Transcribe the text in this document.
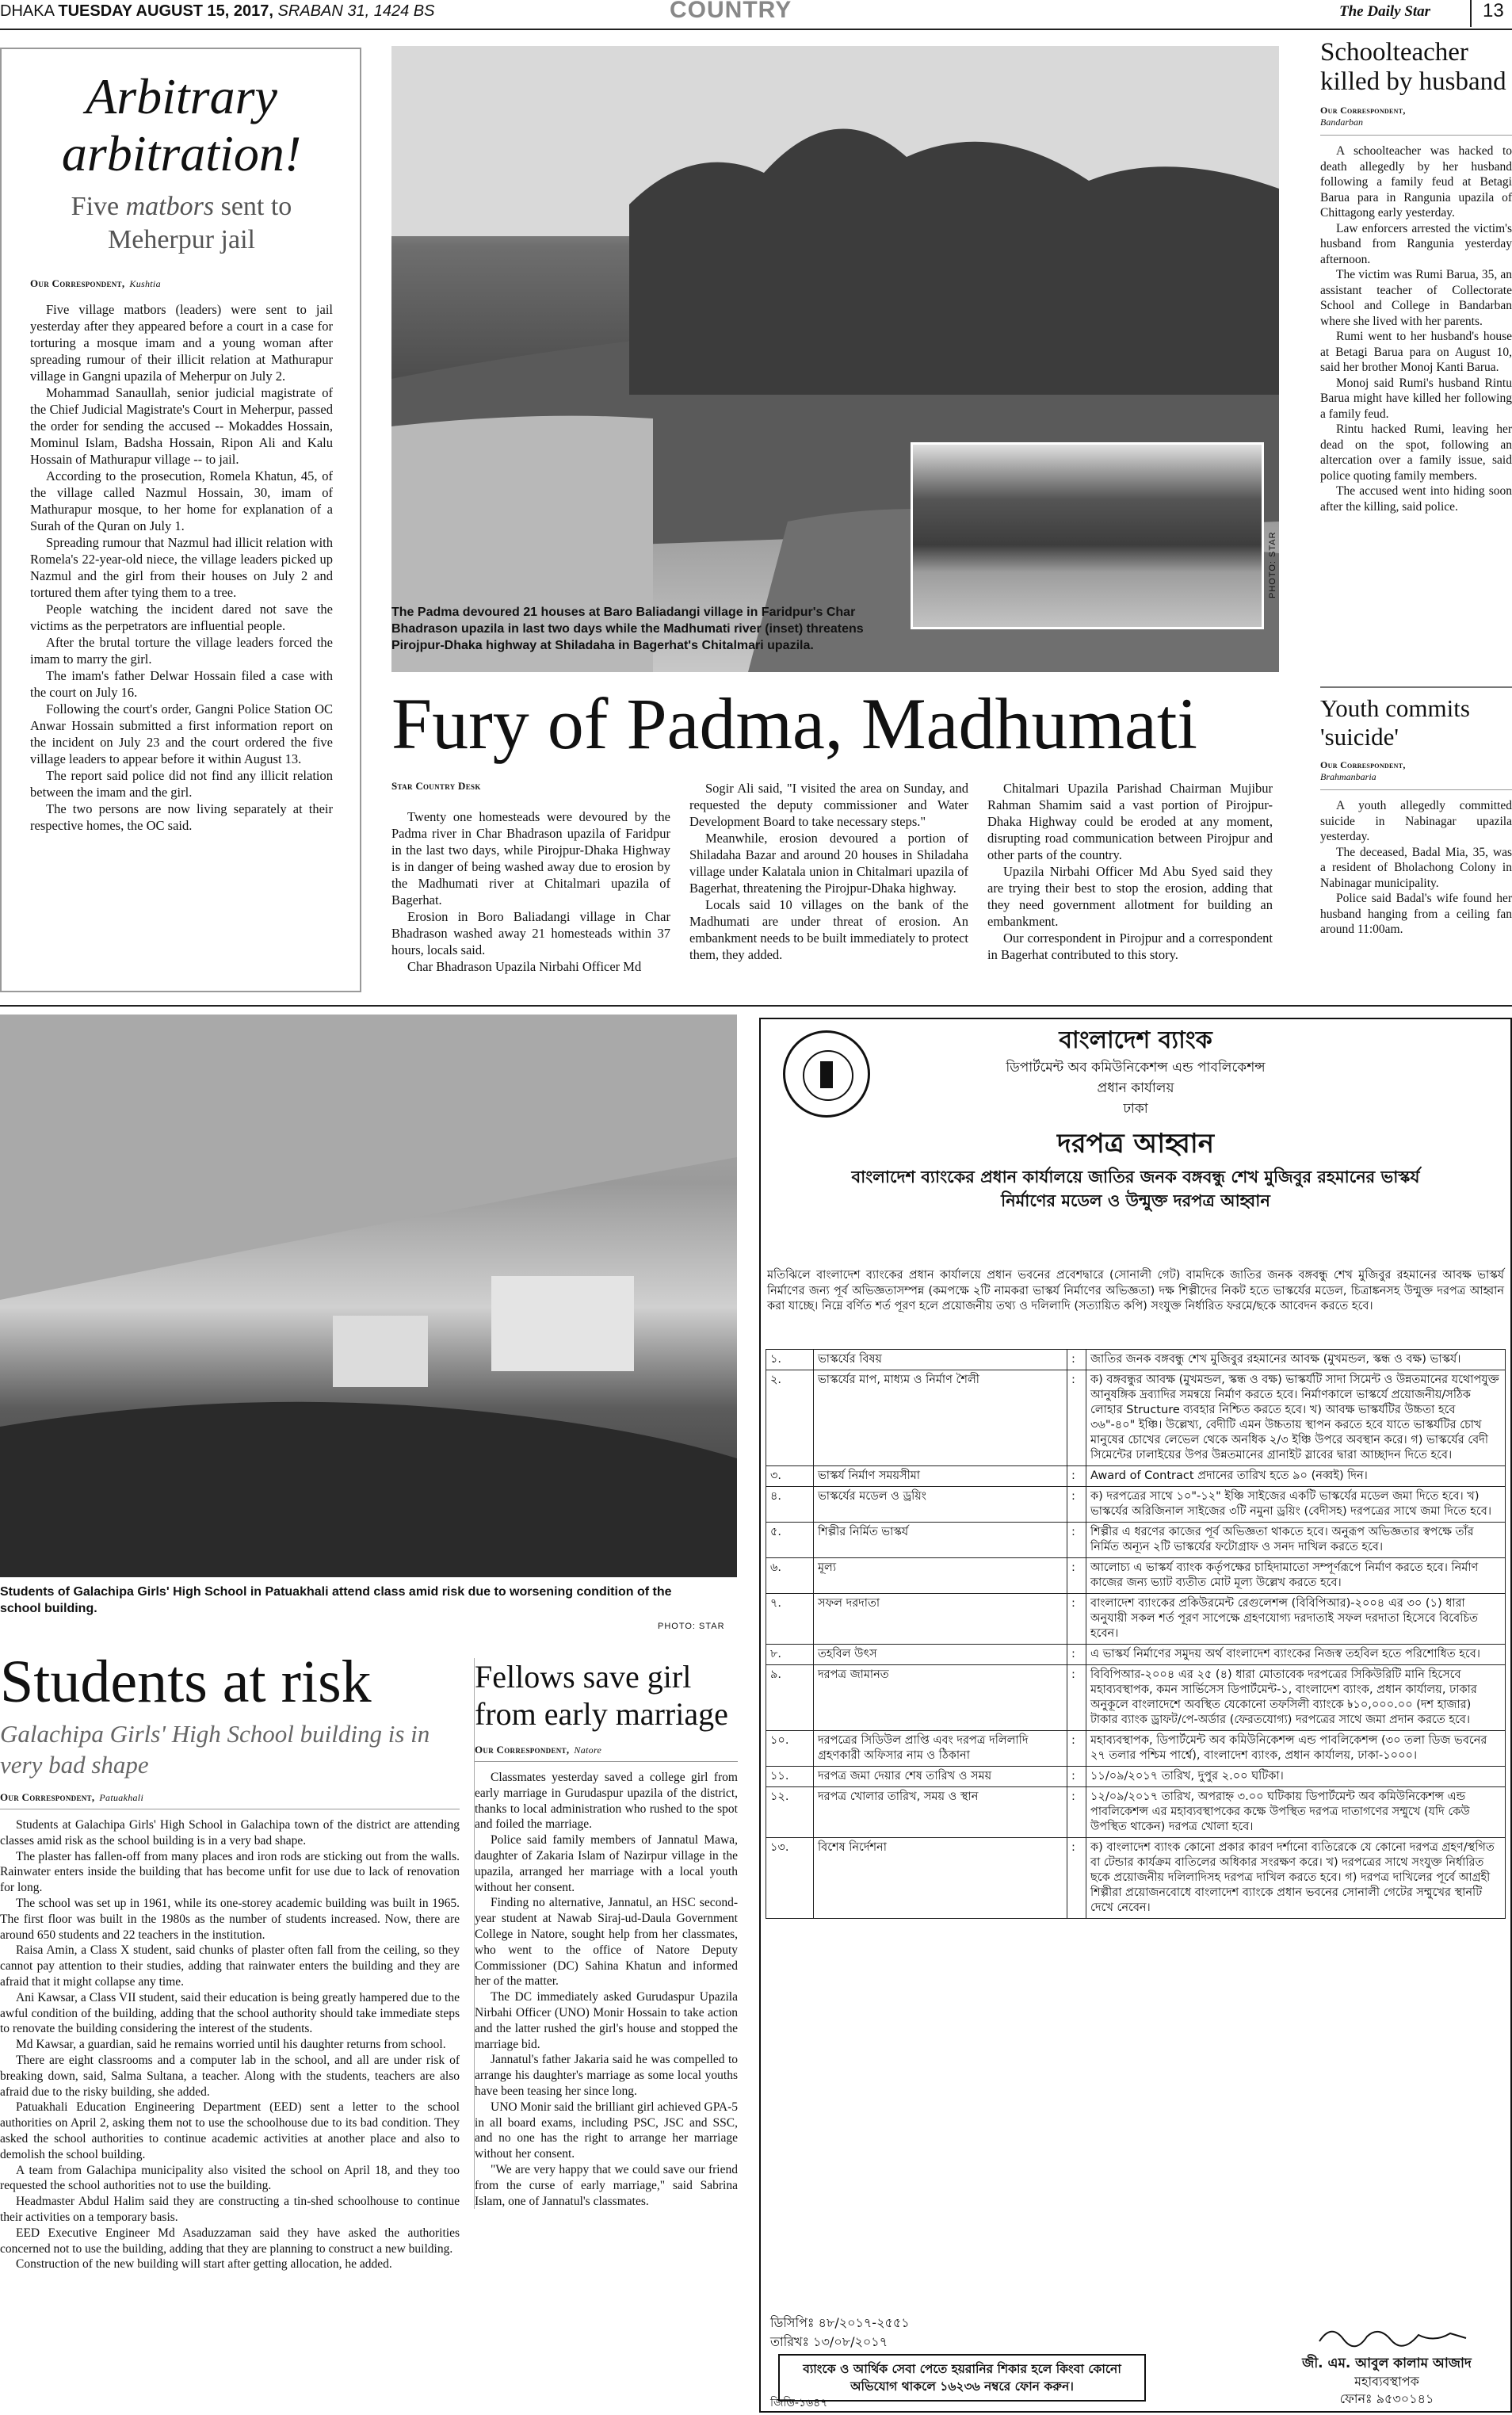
DHAKA TUESDAY AUGUST 15, 2017, SRABAN 31, 1424 BS	COUNTRY	The Daily Star	13
Arbitrary arbitration!
Five matbors sent to Meherpur jail

Our Correspondent, Kushtia

Five village matbors (leaders) were sent to jail yesterday after they appeared before a court in a case for torturing a mosque imam and a young woman after spreading rumour of their illicit relation at Mathurapur village in Gangni upazila of Meherpur on July 2.

Mohammad Sanaullah, senior judicial magistrate of the Chief Judicial Magistrate's Court in Meherpur, passed the order for sending the accused -- Mokaddes Hossain, Mominul Islam, Badsha Hossain, Ripon Ali and Kalu Hossain of Mathurapur village -- to jail.

According to the prosecution, Romela Khatun, 45, of the village called Nazmul Hossain, 30, imam of Mathurapur mosque, to her home for explanation of a Surah of the Quran on July 1.

Spreading rumour that Nazmul had illicit relation with Romela's 22-year-old niece, the village leaders picked up Nazmul and the girl from their houses on July 2 and tortured them after tying them to a tree.

People watching the incident dared not save the victims as the perpetrators are influential people.

After the brutal torture the village leaders forced the imam to marry the girl.

The imam's father Delwar Hossain filed a case with the court on July 16.

Following the court's order, Gangni Police Station OC Anwar Hossain submitted a first information report on the incident on July 23 and the court ordered the five village leaders to appear before it within August 13.

The report said police did not find any illicit relation between the imam and the girl.

The two persons are now living separately at their respective homes, the OC said.

The Padma devoured 21 houses at Baro Baliadangi village in Faridpur's Char Bhadrason upazila in last two days while the Madhumati river (inset) threatens Pirojpur-Dhaka highway at Shiladaha in Bagerhat's Chitalmari upazila.
PHOTO: STAR
Fury of Padma, Madhumati

Star Country Desk

Twenty one homesteads were devoured by the Padma river in Char Bhadrason upazila of Faridpur in the last two days, while Pirojpur-Dhaka Highway is in danger of being washed away due to erosion by the Madhumati river at Chitalmari upazila of Bagerhat.

Erosion in Boro Baliadangi village in Char Bhadrason washed away 21 homesteads within 37 hours, locals said.

Char Bhadrason Upazila Nirbahi Officer Md

Sogir Ali said, "I visited the area on Sunday, and requested the deputy commissioner and Water Development Board to take necessary steps."

Meanwhile, erosion devoured a portion of Shiladaha Bazar and around 20 houses in Shiladaha village under Kalatala union in Chitalmari upazila of Bagerhat, threatening the Pirojpur-Dhaka highway.

Locals said 10 villages on the bank of the Madhumati are under threat of erosion. An embankment needs to be built immediately to protect them, they added.

Chitalmari Upazila Parishad Chairman Mujibur Rahman Shamim said a vast portion of Pirojpur-Dhaka Highway could be eroded at any moment, disrupting road communication between Pirojpur and other parts of the country.

Upazila Nirbahi Officer Md Abu Syed said they are trying their best to stop the erosion, adding that they need government allotment for building an embankment.

Our correspondent in Pirojpur and a correspondent in Bagerhat contributed to this story.

Schoolteacher killed by husband

Our Correspondent,

Bandarban

A schoolteacher was hacked to death allegedly by her husband following a family feud at Betagi Barua para in Rangunia upazila of Chittagong early yesterday.

Law enforcers arrested the victim's husband from Rangunia yesterday afternoon.

The victim was Rumi Barua, 35, an assistant teacher of Collectorate School and College in Bandarban where she lived with her parents.

Rumi went to her husband's house at Betagi Barua para on August 10, said her brother Monoj Kanti Barua.

Monoj said Rumi's husband Rintu Barua might have killed her following a family feud.

Rintu hacked Rumi, leaving her dead on the spot, following an altercation over a family issue, said police quoting family members.

The accused went into hiding soon after the killing, said police.

Youth commits 'suicide'

Our Correspondent,

Brahmanbaria

A youth allegedly committed suicide in Nabinagar upazila yesterday.

The deceased, Badal Mia, 35, was a resident of Bholachong Colony in Nabinagar municipality.

Police said Badal's wife found her husband hanging from a ceiling fan around 11:00am.

Students of Galachipa Girls' High School in Patuakhali attend class amid risk due to worsening condition of the school building.
PHOTO: STAR
Students at risk
Galachipa Girls' High School building is in very bad shape

Our Correspondent, Patuakhali

Students at Galachipa Girls' High School in Galachipa town of the district are attending classes amid risk as the school building is in a very bad shape.

The plaster has fallen-off from many places and iron rods are sticking out from the walls. Rainwater enters inside the building that has become unfit for use due to lack of renovation for long.

The school was set up in 1961, while its one-storey academic building was built in 1965. The first floor was built in the 1980s as the number of students increased. Now, there are around 650 students and 22 teachers in the institution.

Raisa Amin, a Class X student, said chunks of plaster often fall from the ceiling, so they cannot pay attention to their studies, adding that rainwater enters the building and they are afraid that it might collapse any time.

Ani Kawsar, a Class VII student, said their education is being greatly hampered due to the awful condition of the building, adding that the school authority should take immediate steps to renovate the building considering the interest of the students.

Md Kawsar, a guardian, said he remains worried until his daughter returns from school.

There are eight classrooms and a computer lab in the school, and all are under risk of breaking down, said, Salma Sultana, a teacher. Along with the students, teachers are also afraid due to the risky building, she added.

Patuakhali Education Engineering Department (EED) sent a letter to the school authorities on April 2, asking them not to use the schoolhouse due to its bad condition. They asked the school authorities to continue academic activities at another place and also to demolish the school building.

A team from Galachipa municipality also visited the school on April 18, and they too requested the school authorities not to use the building.

Headmaster Abdul Halim said they are constructing a tin-shed schoolhouse to continue their activities on a temporary basis.

EED Executive Engineer Md Asaduzzaman said they have asked the authorities concerned not to use the building, adding that they are planning to construct a new building.

Construction of the new building will start after getting allocation, he added.

Fellows save girl from early marriage

Our Correspondent, Natore

Classmates yesterday saved a college girl from early marriage in Gurudaspur upazila of the district, thanks to local administration who rushed to the spot and foiled the marriage.

Police said family members of Jannatul Mawa, daughter of Zakaria Islam of Nazirpur village in the upazila, arranged her marriage with a local youth without her consent.

Finding no alternative, Jannatul, an HSC second-year student at Nawab Siraj-ud-Daula Government College in Natore, sought help from her classmates, who went to the office of Natore Deputy Commissioner (DC) Sahina Khatun and informed her of the matter.

The DC immediately asked Gurudaspur Upazila Nirbahi Officer (UNO) Monir Hossain to take action and the latter rushed the girl's house and stopped the marriage bid.

Jannatul's father Jakaria said he was compelled to arrange his daughter's marriage as some local youths have been teasing her since long.

UNO Monir said the brilliant girl achieved GPA-5 in all board exams, including PSC, JSC and SSC, and no one has the right to arrange her marriage without her consent.

"We are very happy that we could save our friend from the curse of early marriage," said Sabrina Islam, one of Jannatul's classmates.

বাংলাদেশ ব্যাংক
ডিপার্টমেন্ট অব কমিউনিকেশন্স এন্ড পাবলিকেশন্স
প্রধান কার্যালয়
ঢাকা
দরপত্র আহ্বান
বাংলাদেশ ব্যাংকের প্রধান কার্যালয়ে জাতির জনক বঙ্গবন্ধু শেখ মুজিবুর রহমানের ভাস্কর্য নির্মাণের মডেল ও উন্মুক্ত দরপত্র আহ্বান
মতিঝিলে বাংলাদেশ ব্যাংকের প্রধান কার্যালয়ে প্রধান ভবনের প্রবেশদ্বারে (সোনালী গেট) বামদিকে জাতির জনক বঙ্গবন্ধু শেখ মুজিবুর রহমানের আবক্ষ ভাস্কর্য নির্মাণের জন্য পূর্ব অভিজ্ঞতাসম্পন্ন (কমপক্ষে ২টি নামকরা ভাস্কর্য নির্মাণের অভিজ্ঞতা) দক্ষ শিল্পীদের নিকট হতে ভাস্কর্যের মডেল, চিত্রাঙ্কনসহ উন্মুক্ত দরপত্র আহ্বান করা যাচ্ছে। নিম্নে বর্ণিত শর্ত পূরণ হলে প্রয়োজনীয় তথ্য ও দলিলাদি (সত্যায়িত কপি) সংযুক্ত নির্ধারিত ফরমে/ছকে আবেদন করতে হবে।
১.	ভাস্কর্যের বিষয়	:	জাতির জনক বঙ্গবন্ধু শেখ মুজিবুর রহমানের আবক্ষ (মুখমন্ডল, স্কন্ধ ও বক্ষ) ভাস্কর্য।
২.	ভাস্কর্যের মাপ, মাধ্যম ও নির্মাণ শৈলী	:	ক) বঙ্গবন্ধুর আবক্ষ (মুখমন্ডল, স্কন্ধ ও বক্ষ) ভাস্কর্যটি সাদা সিমেন্ট ও উন্নতমানের যথোপযুক্ত আনুষঙ্গিক দ্রব্যাদির সমন্বয়ে নির্মাণ করতে হবে। নির্মাণকালে ভাস্কর্যে প্রয়োজনীয়/সঠিক লোহার Structure ব্যবহার নিশ্চিত করতে হবে। খ) আবক্ষ ভাস্কর্যটির উচ্চতা হবে ৩৬"-৪০" ইঞ্চি। উল্লেখ্য, বেদীটি এমন উচ্চতায় স্থাপন করতে হবে যাতে ভাস্কর্যটির চোখ মানুষের চোখের লেভেল থেকে অনধিক ২/৩ ইঞ্চি উপরে অবস্থান করে। গ) ভাস্কর্যের বেদী সিমেন্টের ঢালাইয়ের উপর উন্নতমানের গ্রানাইট স্লাবের দ্বারা আচ্ছাদন দিতে হবে।
৩.	ভাস্কর্য নির্মাণ সময়সীমা	:	Award of Contract প্রদানের তারিখ হতে ৯০ (নব্বই) দিন।
৪.	ভাস্কর্যের মডেল ও ড্রয়িং	:	ক) দরপত্রের সাথে ১০"-১২" ইঞ্চি সাইজের একটি ভাস্কর্যের মডেল জমা দিতে হবে। খ) ভাস্কর্যের অরিজিনাল সাইজের ৩টি নমুনা ড্রয়িং (বেদীসহ) দরপত্রের সাথে জমা দিতে হবে।
৫.	শিল্পীর নির্মিত ভাস্কর্য	:	শিল্পীর এ ধরণের কাজের পূর্ব অভিজ্ঞতা থাকতে হবে। অনুরূপ অভিজ্ঞতার স্বপক্ষে তাঁর নির্মিত অন্যূন ২টি ভাস্কর্যের ফটোগ্রাফ ও সনদ দাখিল করতে হবে।
৬.	মূল্য	:	আলোচ্য এ ভাস্কর্য ব্যাংক কর্তৃপক্ষের চাহিদামাতো সম্পূর্ণরূপে নির্মাণ করতে হবে। নির্মাণ কাজের জন্য ভ্যাট ব্যতীত মোট মূল্য উল্লেখ করতে হবে।
৭.	সফল দরদাতা	:	বাংলাদেশ ব্যাংকের প্রকিউরমেন্ট রেগুলেশন্স (বিবিপিআর)-২০০৪ এর ৩০ (১) ধারা অনুযায়ী সকল শর্ত পূরণ সাপেক্ষে গ্রহণযোগ্য দরদাতাই সফল দরদাতা হিসেবে বিবেচিত হবেন।
৮.	তহবিল উৎস	:	এ ভাস্কর্য নির্মাণের সমুদয় অর্থ বাংলাদেশ ব্যাংকের নিজস্ব তহবিল হতে পরিশোধিত হবে।
৯.	দরপত্র জামানত	:	বিবিপিআর-২০০৪ এর ২৫ (৪) ধারা মোতাবেক দরপত্রের সিকিউরিটি মানি হিসেবে মহাব্যবস্থাপক, কমন সার্ভিসেস ডিপার্টমেন্ট-১, বাংলাদেশ ব্যাংক, প্রধান কার্যালয়, ঢাকার অনুকূলে বাংলাদেশে অবস্থিত যেকোনো তফসিলী ব্যাংকে ৳১০,০০০.০০ (দশ হাজার) টাকার ব্যাংক ড্রাফট/পে-অর্ডার (ফেরতযোগ্য) দরপত্রের সাথে জমা প্রদান করতে হবে।
১০.	দরপত্রের সিডিউল প্রাপ্তি এবং দরপত্র দলিলাদি গ্রহণকারী অফিসার নাম ও ঠিকানা	:	মহাব্যবস্থাপক, ডিপার্টমেন্ট অব কমিউনিকেশন্স এন্ড পাবলিকেশন্স (৩০ তলা ডিজ ভবনের ২৭ তলার পশ্চিম পার্শ্বে), বাংলাদেশ ব্যাংক, প্রধান কার্যালয়, ঢাকা-১০০০।
১১.	দরপত্র জমা দেয়ার শেষ তারিখ ও সময়	:	১১/০৯/২০১৭ তারিখ, দুপুর ২.০০ ঘটিকা।
১২.	দরপত্র খোলার তারিখ, সময় ও স্থান	:	১২/০৯/২০১৭ তারিখ, অপরাহ্ন ৩.০০ ঘটিকায় ডিপার্টমেন্ট অব কমিউনিকেশন্স এন্ড পাবলিকেশন্স এর মহাব্যবস্থাপকের কক্ষে উপস্থিত দরপত্র দাতাগণের সম্মুখে (যদি কেউ উপস্থিত থাকেন) দরপত্র খোলা হবে।
১৩.	বিশেষ নির্দেশনা	:	ক) বাংলাদেশ ব্যাংক কোনো প্রকার কারণ দর্শানো ব্যতিরেকে যে কোনো দরপত্র গ্রহণ/স্থগিত বা টেন্ডার কার্যক্রম বাতিলের অধিকার সংরক্ষণ করে। খ) দরপত্রের সাথে সংযুক্ত নির্ধারিত ছকে প্রয়োজনীয় দলিলাদিসহ দরপত্র দাখিল করতে হবে। গ) দরপত্র দাখিলের পূর্বে আগ্রহী শিল্পীরা প্রয়োজনবোধে বাংলাদেশ ব্যাংকে প্রধান ভবনের সোনালী গেটের সম্মুখের স্থানটি দেখে নেবেন।
ডিসিপিঃ ৪৮/২০১৭-২৫৫১
তারিখঃ ১৩/০৮/২০১৭
ব্যাংকে ও আর্থিক সেবা পেতে হয়রানির শিকার হলে কিংবা কোনো অভিযোগ থাকলে ১৬২৩৬ নম্বরে ফোন করুন।
জী. এম. আবুল কালাম আজাদ
মহাব্যবস্থাপক
ফোনঃ ৯৫৩০১৪১
জিডি-১৬৪৭
